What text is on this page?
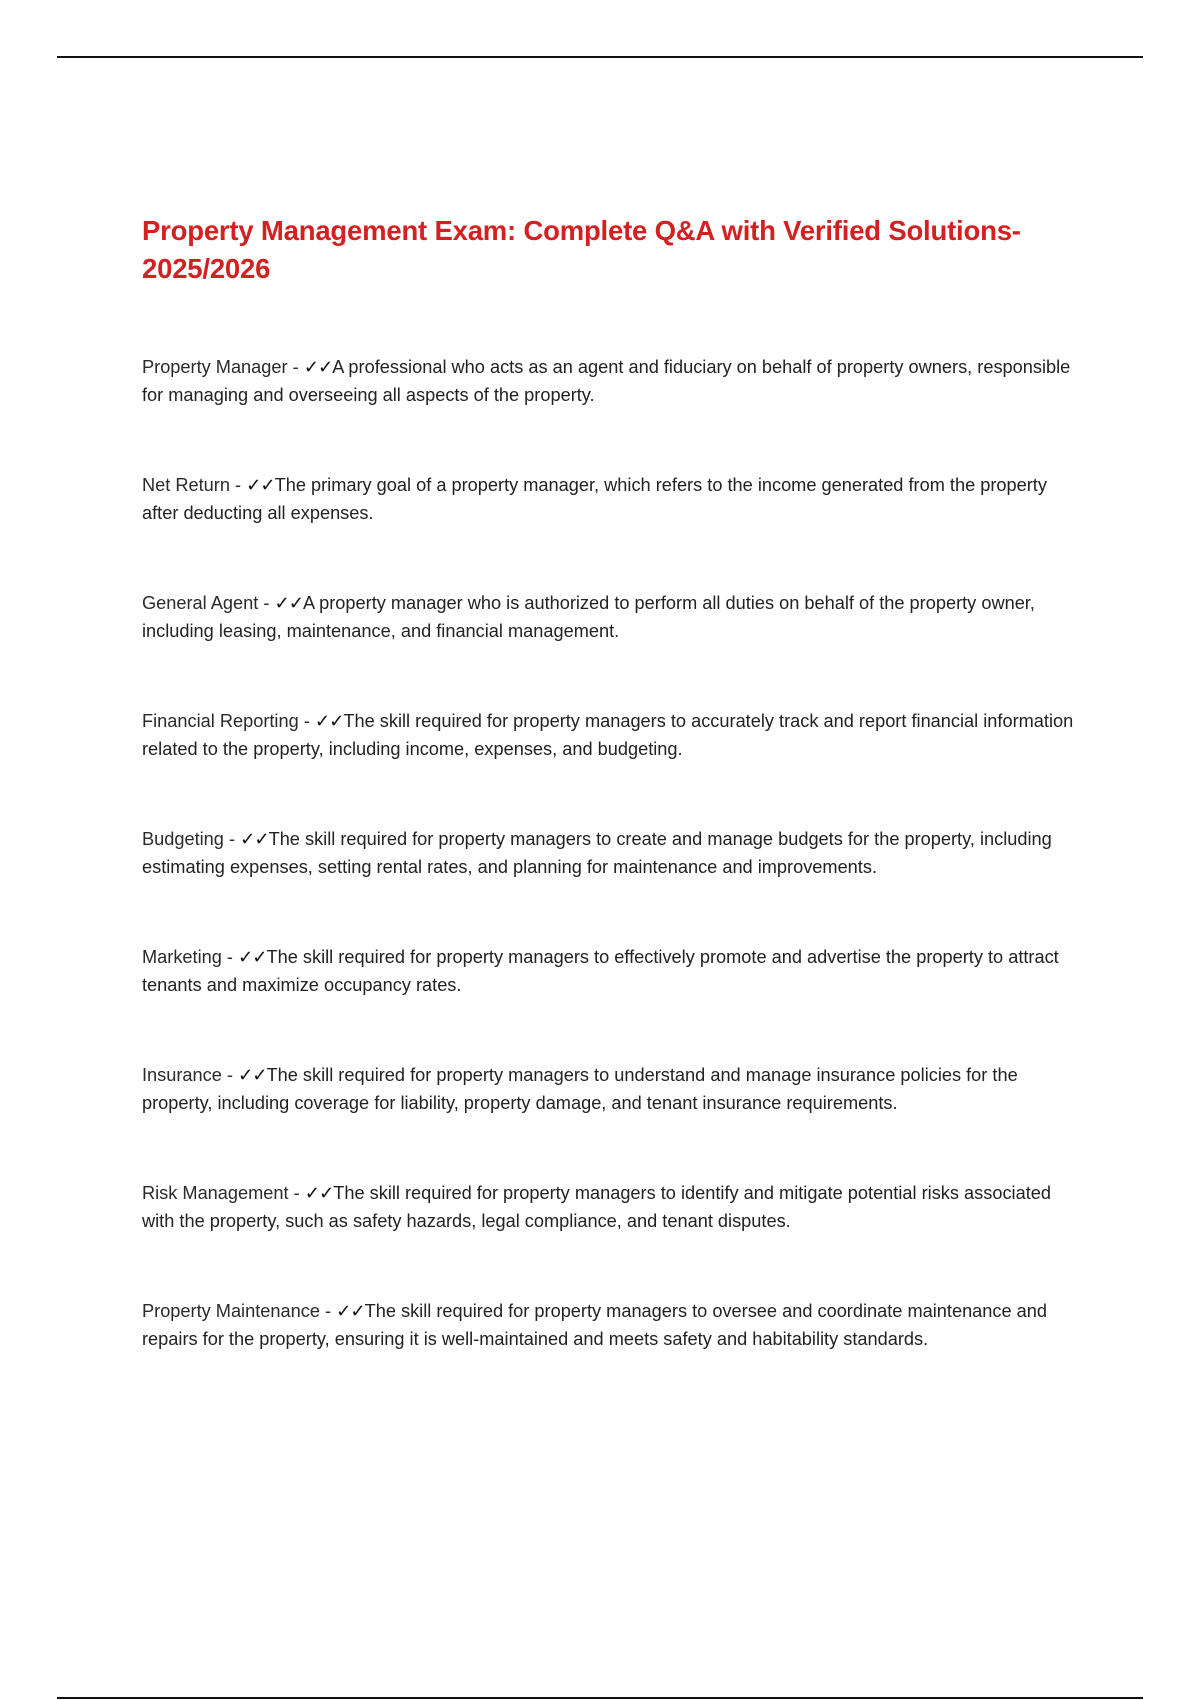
Property Management Exam: Complete Q&A with Verified Solutions-2025/2026
Property Manager - ✓✓A professional who acts as an agent and fiduciary on behalf of property owners, responsible for managing and overseeing all aspects of the property.
Net Return - ✓✓The primary goal of a property manager, which refers to the income generated from the property after deducting all expenses.
General Agent - ✓✓A property manager who is authorized to perform all duties on behalf of the property owner, including leasing, maintenance, and financial management.
Financial Reporting - ✓✓The skill required for property managers to accurately track and report financial information related to the property, including income, expenses, and budgeting.
Budgeting - ✓✓The skill required for property managers to create and manage budgets for the property, including estimating expenses, setting rental rates, and planning for maintenance and improvements.
Marketing - ✓✓The skill required for property managers to effectively promote and advertise the property to attract tenants and maximize occupancy rates.
Insurance - ✓✓The skill required for property managers to understand and manage insurance policies for the property, including coverage for liability, property damage, and tenant insurance requirements.
Risk Management - ✓✓The skill required for property managers to identify and mitigate potential risks associated with the property, such as safety hazards, legal compliance, and tenant disputes.
Property Maintenance - ✓✓The skill required for property managers to oversee and coordinate maintenance and repairs for the property, ensuring it is well-maintained and meets safety and habitability standards.
